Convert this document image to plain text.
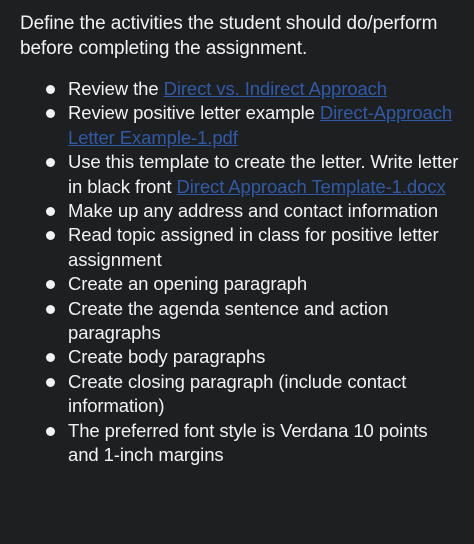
Define the activities the student should do/perform before completing the assignment.

Review the Direct vs. Indirect Approach
Review positive letter example Direct-Approach Letter Example-1.pdf
Use this template to create the letter. Write letter in black front Direct Approach Template-1.docx
Make up any address and contact information
Read topic assigned in class for positive letter assignment
Create an opening paragraph
Create the agenda sentence and action paragraphs
Create body paragraphs
Create closing paragraph (include contact information)
The preferred font style is Verdana 10 points and 1-inch margins
